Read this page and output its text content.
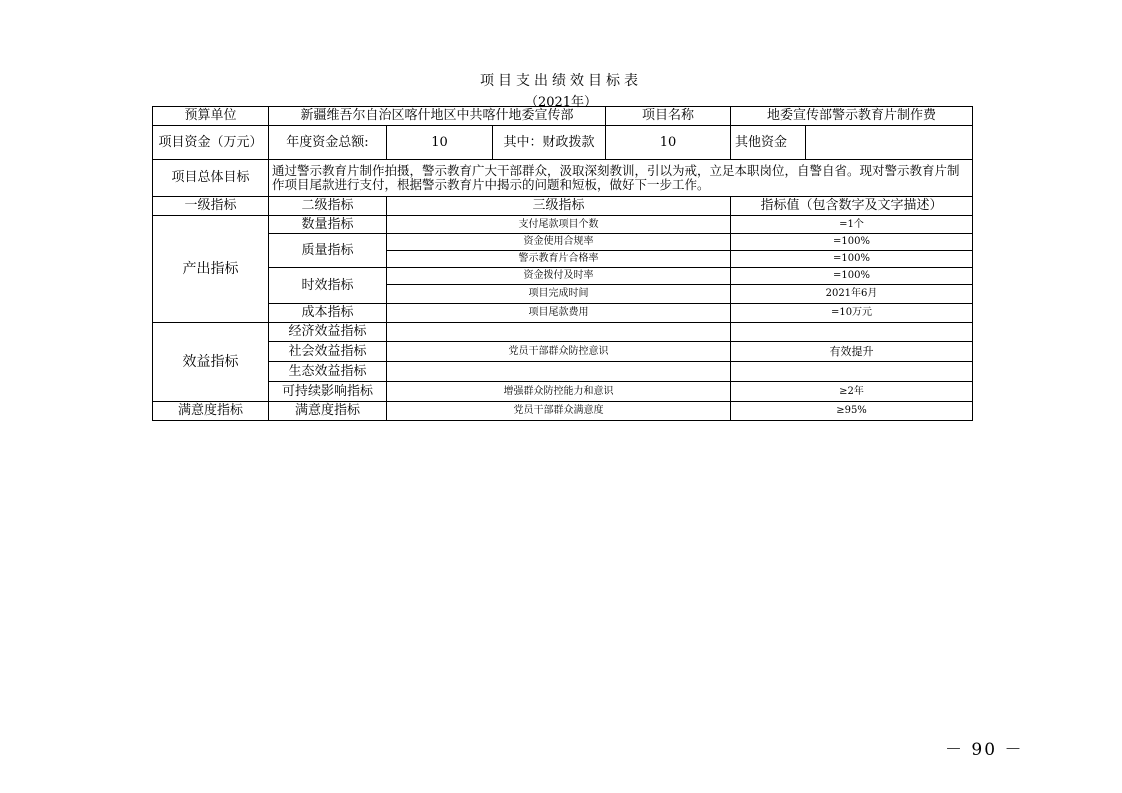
项目支出绩效目标表
（2021年）
预算单位	新疆维吾尔自治区喀什地区中共喀什地委宣传部			项目名称	地委宣传部警示教育片制作费	
项目资金（万元）	年度资金总额:	10	其中：财政拨款	10	其他资金	
项目总体目标	通过警示教育片制作拍摄，警示教育广大干部群众，汲取深刻教训，引以为戒，立足本职岗位，自警自省。现对警示教育片制作项目尾款进行支付，根据警示教育片中揭示的问题和短板，做好下一步工作。					
一级指标	二级指标	三级指标			指标值（包含数字及文字描述）	
产出指标	数量指标	支付尾款项目个数			=1个	
	质量指标	资金使用合规率			=100%	
		警示教育片合格率			=100%	
	时效指标	资金拨付及时率			=100%	
		项目完成时间			2021年6月	
	成本指标	项目尾款费用			=10万元	
效益指标	经济效益指标					
	社会效益指标	党员干部群众防控意识			有效提升	
	生态效益指标					
	可持续影响指标	增强群众防控能力和意识			≥2年	
满意度指标	满意度指标	党员干部群众满意度			≥95%	
－ 90 －
